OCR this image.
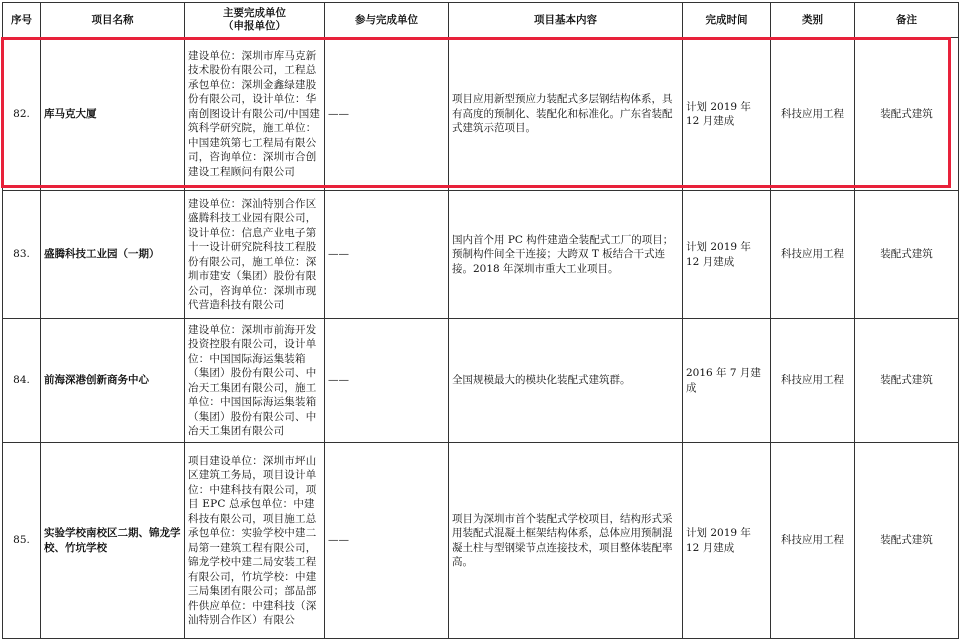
序号	项目名称	主要完成单位
（申报单位）	参与完成单位	项目基本内容	完成时间	类别	备注
82.	库马克大厦	建设单位：深圳市库马克新技术股份有限公司，工程总承包单位：深圳金鑫绿建股份有限公司，设计单位：华南创图设计有限公司/中国建筑科学研究院，施工单位：中国建筑第七工程局有限公司，咨询单位：深圳市合创建设工程顾问有限公司	——	项目应用新型预应力装配式多层钢结构体系，具有高度的预制化、装配化和标准化。广东省装配式建筑示范项目。	计划 2019 年 12 月建成	科技应用工程	装配式建筑
83.	盛腾科技工业园（一期）	建设单位：深汕特别合作区盛腾科技工业园有限公司，设计单位：信息产业电子第十一设计研究院科技工程股份有限公司，施工单位：深圳市建安（集团）股份有限公司，咨询单位：深圳市现代营造科技有限公司	——	国内首个用 PC 构件建造全装配式工厂的项目；预制构件间全干连接；大跨双 T 板结合干式连接。2018 年深圳市重大工业项目。	计划 2019 年 12 月建成	科技应用工程	装配式建筑
84.	前海深港创新商务中心	建设单位：深圳市前海开发投资控股有限公司，设计单位：中国国际海运集装箱（集团）股份有限公司、中冶天工集团有限公司，施工单位：中国国际海运集装箱（集团）股份有限公司、中冶天工集团有限公司	——	全国规模最大的模块化装配式建筑群。	2016 年 7 月建成	科技应用工程	装配式建筑
85.	实验学校南校区二期、锦龙学校、竹坑学校	项目建设单位：深圳市坪山区建筑工务局，项目设计单位：中建科技有限公司，项目 EPC 总承包单位：中建科技有限公司，项目施工总承包单位：实验学校中建二局第一建筑工程有限公司，锦龙学校中建二局安装工程有限公司，竹坑学校：中建三局集团有限公司；部品部件供应单位：中建科技（深汕特别合作区）有限公	——	项目为深圳市首个装配式学校项目，结构形式采用装配式混凝土框架结构体系，总体应用预制混凝土柱与型钢梁节点连接技术，项目整体装配率高。	计划 2019 年 12 月建成	科技应用工程	装配式建筑
